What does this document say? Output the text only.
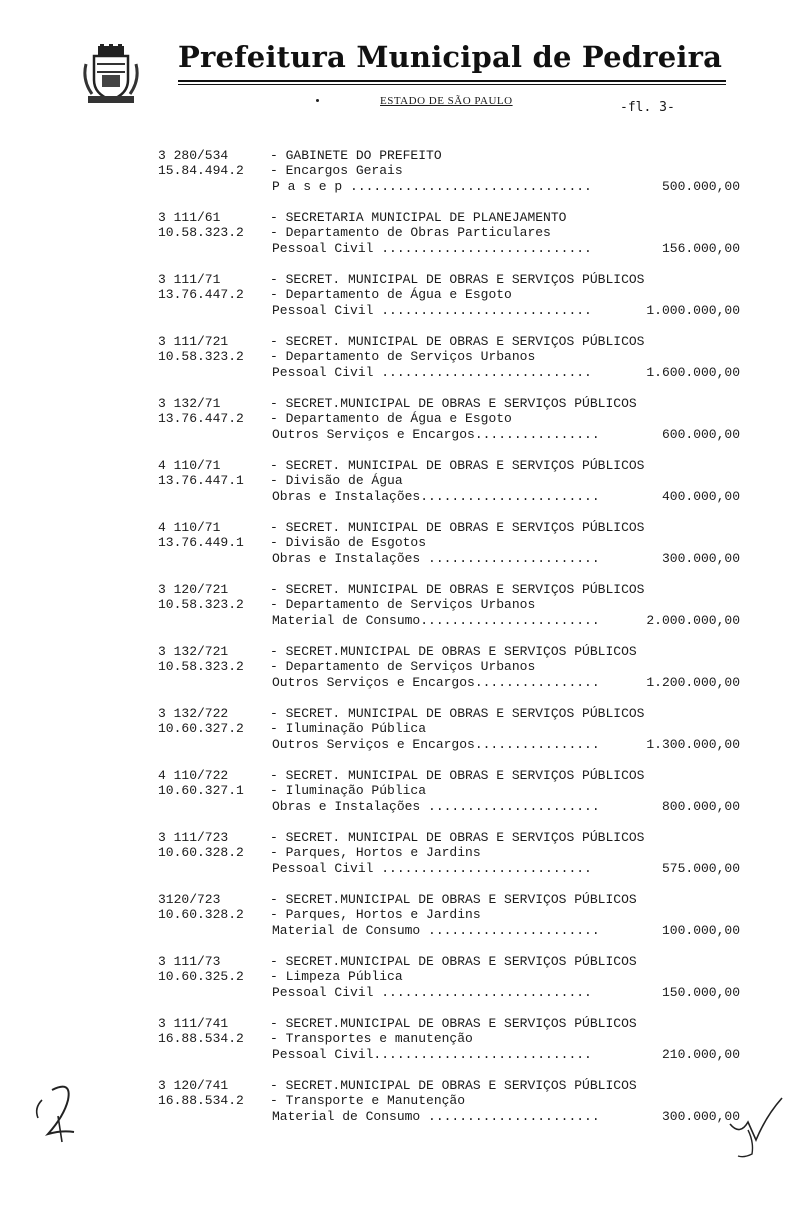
Prefeitura Municipal de Pedreira
ESTADO DE SÃO PAULO	-fl. 3-
3 280/534	- GABINETE DO PREFEITO
15.84.494.2 - Encargos Gerais
P a s e p ...............................	500.000,00
3 111/61	- SECRETARIA MUNICIPAL DE PLANEJAMENTO
10.58.323.2 - Departamento de Obras Particulares
Pessoal Civil ...........................	156.000,00
3 111/71	- SECRET. MUNICIPAL DE OBRAS E SERVIÇOS PÚBLICOS
13.76.447.2 - Departamento de Água e Esgoto
Pessoal Civil ...........................	1.000.000,00
3 111/721	- SECRET. MUNICIPAL DE OBRAS E SERVIÇOS PÚBLICOS
10.58.323.2 - Departamento de Serviços Urbanos
Pessoal Civil ...........................	1.600.000,00
3 132/71	- SECRET.MUNICIPAL DE OBRAS E SERVIÇOS PÚBLICOS
13.76.447.2 - Departamento de Água e Esgoto
Outros Serviços e Encargos................	600.000,00
4 110/71	- SECRET. MUNICIPAL DE OBRAS E SERVIÇOS PÚBLICOS
13.76.447.1 - Divisão de Água
Obras e Instalações.......................	400.000,00
4 110/71	- SECRET. MUNICIPAL DE OBRAS E SERVIÇOS PÚBLICOS
13.76.449.1 - Divisão de Esgotos
Obras e Instalações ......................	300.000,00
3 120/721	- SECRET. MUNICIPAL DE OBRAS E SERVIÇOS PÚBLICOS
10.58.323.2 - Departamento de Serviços Urbanos
Material de Consumo.......................	2.000.000,00
3 132/721	- SECRET.MUNICIPAL DE OBRAS E SERVIÇOS PÚBLICOS
10.58.323.2 - Departamento de Serviços Urbanos
Outros Serviços e Encargos................	1.200.000,00
3 132/722	- SECRET. MUNICIPAL DE OBRAS E SERVIÇOS PÚBLICOS
10.60.327.2 - Iluminação Pública
Outros Serviços e Encargos................	1.300.000,00
4 110/722	- SECRET. MUNICIPAL DE OBRAS E SERVIÇOS PÚBLICOS
10.60.327.1 - Iluminação Pública
Obras e Instalações ......................	800.000,00
3 111/723	- SECRET. MUNICIPAL DE OBRAS E SERVIÇOS PÚBLICOS
10.60.328.2 - Parques, Hortos e Jardins
Pessoal Civil ...........................	575.000,00
3120/723	- SECRET.MUNICIPAL DE OBRAS E SERVIÇOS PÚBLICOS
10.60.328.2 - Parques, Hortos e Jardins
Material de Consumo ......................	100.000,00
3 111/73	- SECRET.MUNICIPAL DE OBRAS E SERVIÇOS PÚBLICOS
10.60.325.2 - Limpeza Pública
Pessoal Civil ...........................	150.000,00
3 111/741	- SECRET.MUNICIPAL DE OBRAS E SERVIÇOS PÚBLICOS
16.88.534.2 - Transportes e manutenção
Pessoal Civil............................	210.000,00
3 120/741	- SECRET.MUNICIPAL DE OBRAS E SERVIÇOS PÚBLICOS
16.88.534.2 - Transporte e Manutenção
Material de Consumo ......................	300.000,00
